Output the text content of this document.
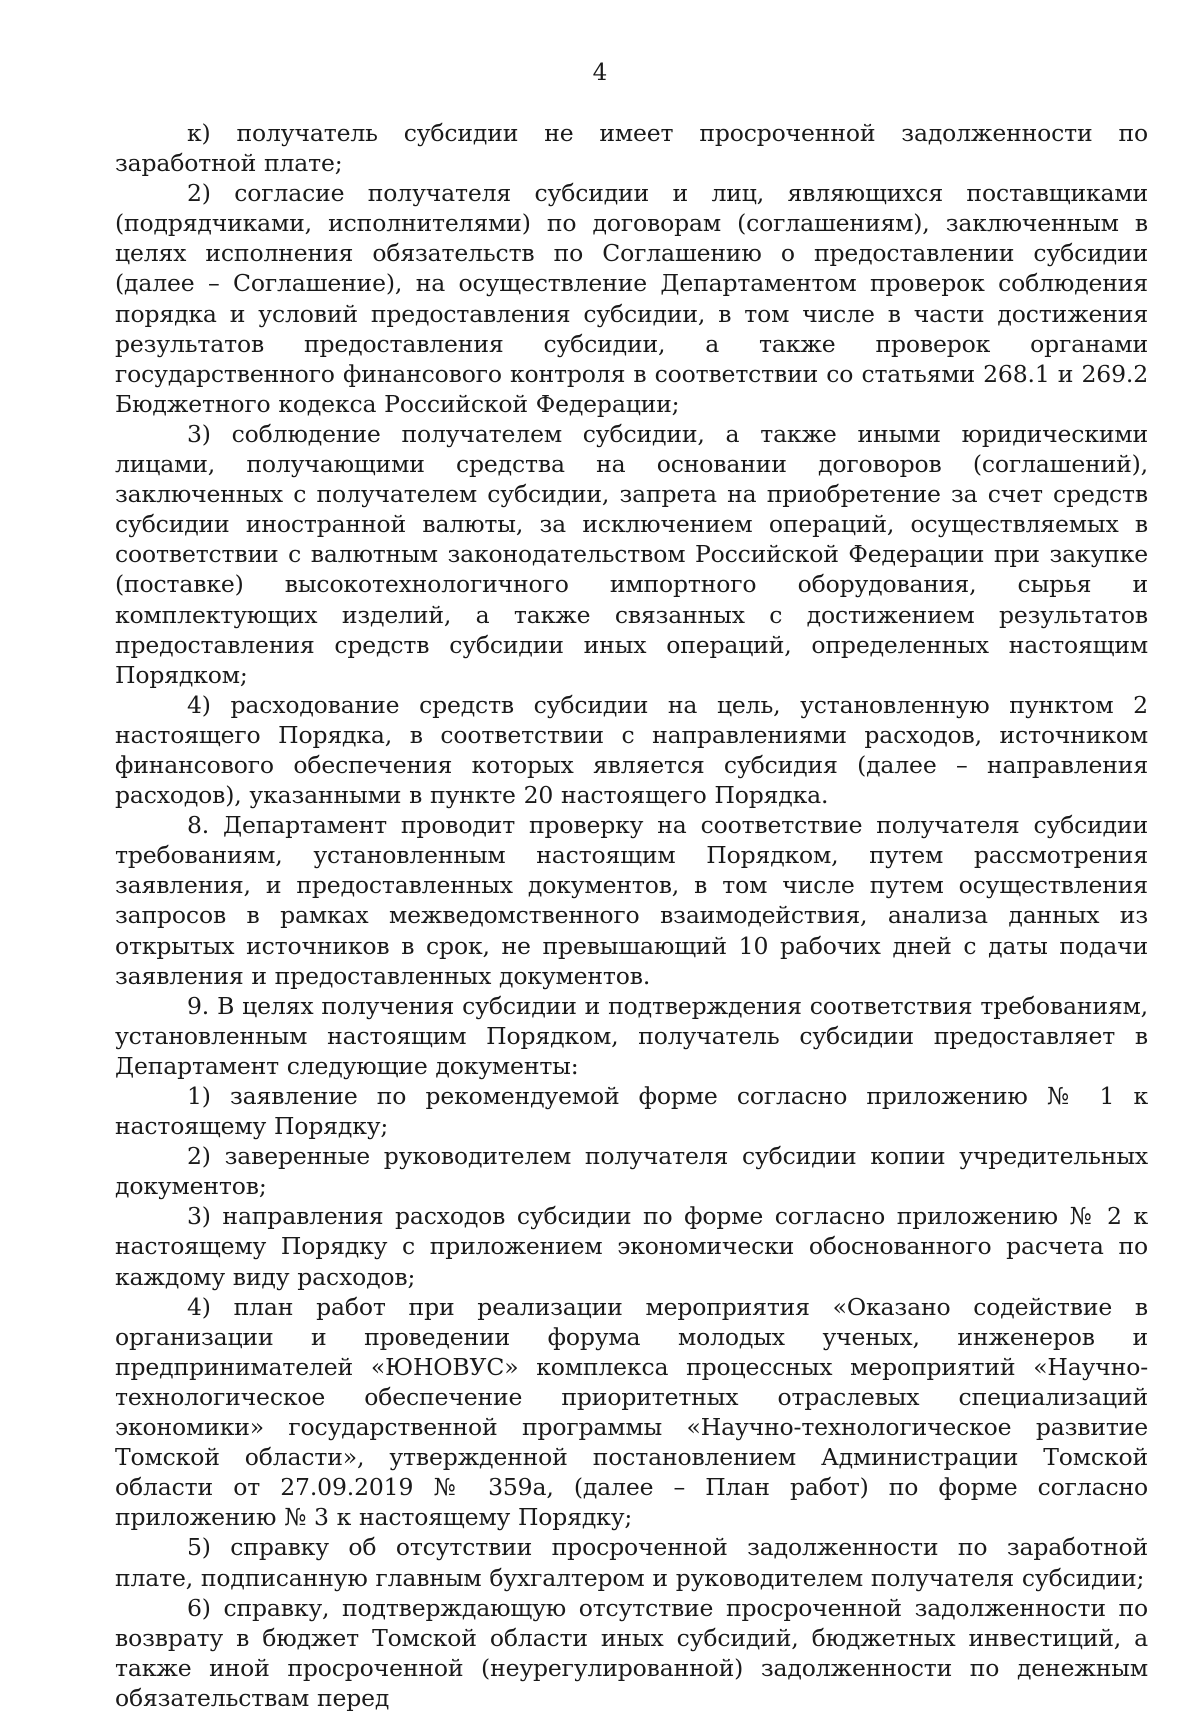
4

к) получатель субсидии не имеет просроченной задолженности по заработной плате;

2) согласие получателя субсидии и лиц, являющихся поставщиками (подрядчиками, исполнителями) по договорам (соглашениям), заключенным в целях исполнения обязательств по Соглашению о предоставлении субсидии (далее – Соглашение), на осуществление Департаментом проверок соблюдения порядка и условий предоставления субсидии, в том числе в части достижения результатов предоставления субсидии, а также проверок органами государственного финансового контроля в соответствии со статьями 268.1 и 269.2 Бюджетного кодекса Российской Федерации;

3) соблюдение получателем субсидии, а также иными юридическими лицами, получающими средства на основании договоров (соглашений), заключенных с получателем субсидии, запрета на приобретение за счет средств субсидии иностранной валюты, за исключением операций, осуществляемых в соответствии с валютным законодательством Российской Федерации при закупке (поставке) высокотехнологичного импортного оборудования, сырья и комплектующих изделий, а также связанных с достижением результатов предоставления средств субсидии иных операций, определенных настоящим Порядком;

4) расходование средств субсидии на цель, установленную пунктом 2 настоящего Порядка, в соответствии с направлениями расходов, источником финансового обеспечения которых является субсидия (далее – направления расходов), указанными в пункте 20 настоящего Порядка.

8. Департамент проводит проверку на соответствие получателя субсидии требованиям, установленным настоящим Порядком, путем рассмотрения заявления, и предоставленных документов, в том числе путем осуществления запросов в рамках межведомственного взаимодействия, анализа данных из открытых источников в срок, не превышающий 10 рабочих дней с даты подачи заявления и предоставленных документов.

9. В целях получения субсидии и подтверждения соответствия требованиям, установленным настоящим Порядком, получатель субсидии предоставляет в Департамент следующие документы:

1) заявление по рекомендуемой форме согласно приложению № 1 к настоящему Порядку;

2) заверенные руководителем получателя субсидии копии учредительных документов;

3) направления расходов субсидии по форме согласно приложению № 2 к настоящему Порядку с приложением экономически обоснованного расчета по каждому виду расходов;

4) план работ при реализации мероприятия «Оказано содействие в организации и проведении форума молодых ученых, инженеров и предпринимателей «ЮНОВУС» комплекса процессных мероприятий «Научно-технологическое обеспечение приоритетных отраслевых специализаций экономики» государственной программы «Научно-технологическое развитие Томской области», утвержденной постановлением Администрации Томской области от 27.09.2019 № 359а, (далее – План работ) по форме согласно приложению № 3 к настоящему Порядку;

5) справку об отсутствии просроченной задолженности по заработной плате, подписанную главным бухгалтером и руководителем получателя субсидии;

6) справку, подтверждающую отсутствие просроченной задолженности по возврату в бюджет Томской области иных субсидий, бюджетных инвестиций, а также иной просроченной (неурегулированной) задолженности по денежным обязательствам перед
